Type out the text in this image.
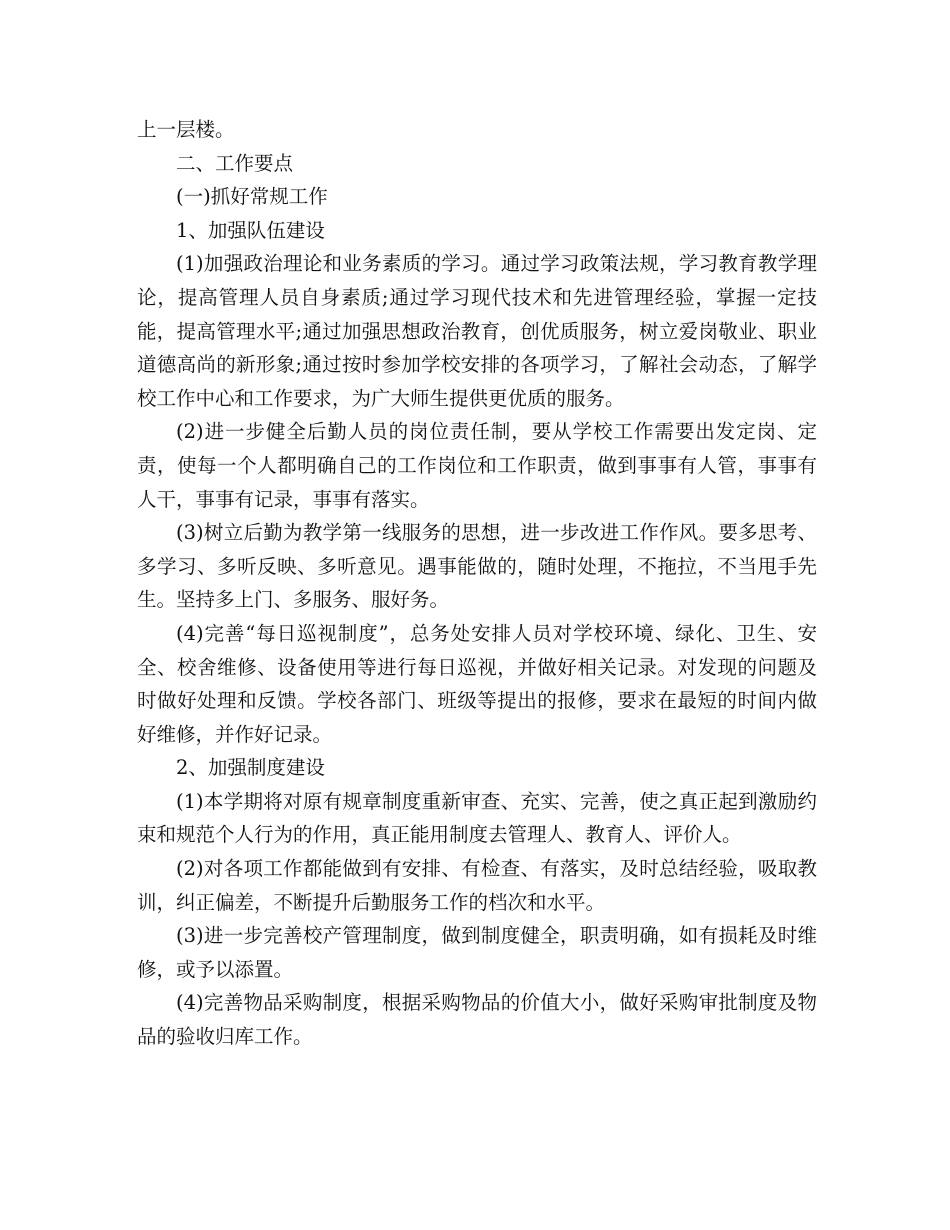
上一层楼。

二、工作要点

(一)抓好常规工作

1、加强队伍建设

(1)加强政治理论和业务素质的学习。通过学习政策法规，学习教育教学理论，提高管理人员自身素质;通过学习现代技术和先进管理经验，掌握一定技能，提高管理水平;通过加强思想政治教育，创优质服务，树立爱岗敬业、职业道德高尚的新形象;通过按时参加学校安排的各项学习，了解社会动态，了解学校工作中心和工作要求，为广大师生提供更优质的服务。

(2)进一步健全后勤人员的岗位责任制，要从学校工作需要出发定岗、定责，使每一个人都明确自己的工作岗位和工作职责，做到事事有人管，事事有人干，事事有记录，事事有落实。

(3)树立后勤为教学第一线服务的思想，进一步改进工作作风。要多思考、多学习、多听反映、多听意见。遇事能做的，随时处理，不拖拉，不当甩手先生。坚持多上门、多服务、服好务。

(4)完善“每日巡视制度”，总务处安排人员对学校环境、绿化、卫生、安全、校舍维修、设备使用等进行每日巡视，并做好相关记录。对发现的问题及时做好处理和反馈。学校各部门、班级等提出的报修，要求在最短的时间内做好维修，并作好记录。

2、加强制度建设

(1)本学期将对原有规章制度重新审查、充实、完善，使之真正起到激励约束和规范个人行为的作用，真正能用制度去管理人、教育人、评价人。

(2)对各项工作都能做到有安排、有检查、有落实，及时总结经验，吸取教训，纠正偏差，不断提升后勤服务工作的档次和水平。

(3)进一步完善校产管理制度，做到制度健全，职责明确，如有损耗及时维修，或予以添置。

(4)完善物品采购制度，根据采购物品的价值大小，做好采购审批制度及物品的验收归库工作。
